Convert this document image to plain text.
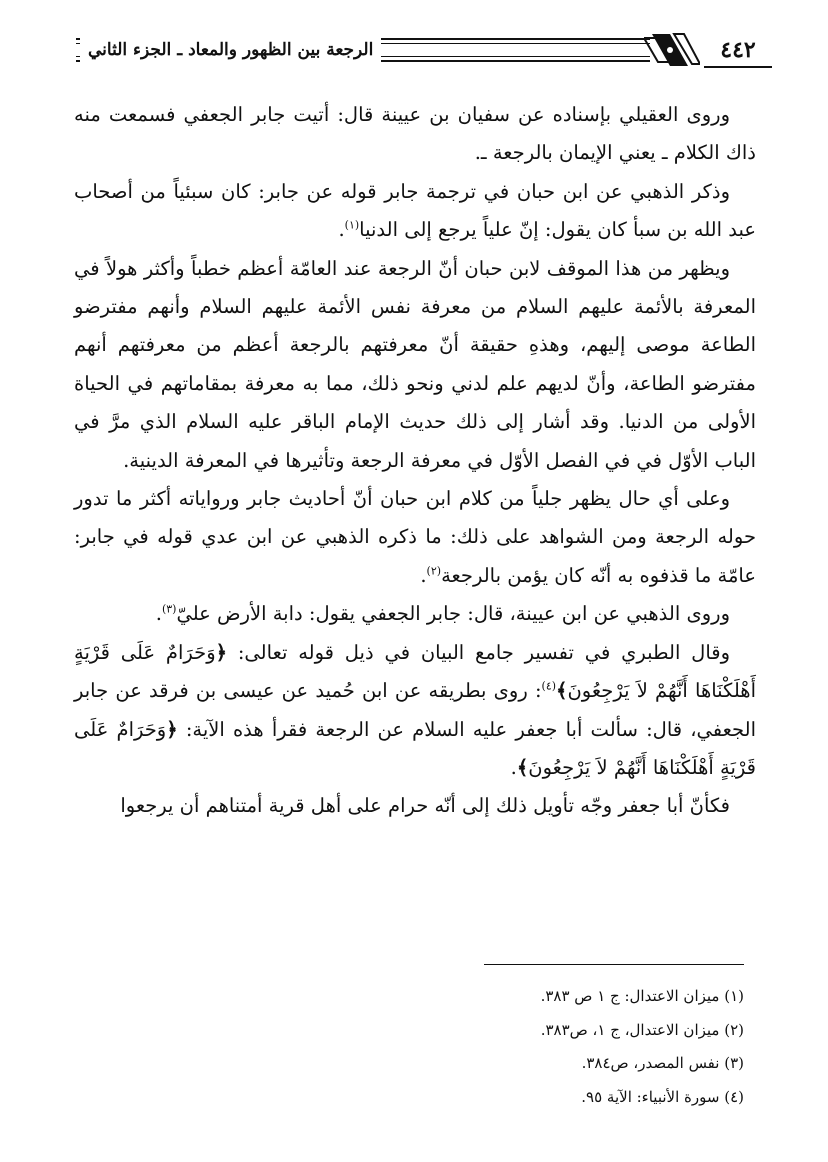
الرجعة بين الظهور والمعاد ـ الجزء الثاني	٤٤٢

وروى العقيلي بإسناده عن سفيان بن عيينة قال: أتيت جابر الجعفي فسمعت منه ذاك الكلام ـ يعني الإيمان بالرجعة ـ.

وذكر الذهبي عن ابن حبان في ترجمة جابر قوله عن جابر: كان سبئياً من أصحاب عبد الله بن سبأ كان يقول: إنّ علياً يرجع إلى الدنيا$^{(١)}$.

ويظهر من هذا الموقف لابن حبان أنّ الرجعة عند العامّة أعظم خطباً وأكثر هولاً في المعرفة بالأئمة عليهم السلام من معرفة نفس الأئمة عليهم السلام وأنهم مفترضو الطاعة موصى إليهم، وهذهِ حقيقة أنّ معرفتهم بالرجعة أعظم من معرفتهم أنهم مفترضو الطاعة، وأنّ لديهم علم لدني ونحو ذلك، مما به معرفة بمقاماتهم في الحياة الأولى من الدنيا. وقد أشار إلى ذلك حديث الإمام الباقر عليه السلام الذي مرَّ في الباب الأوّل في في الفصل الأوّل في معرفة الرجعة وتأثيرها في المعرفة الدينية.

وعلى أي حال يظهر جلياً من كلام ابن حبان أنّ أحاديث جابر ورواياته أكثر ما تدور حوله الرجعة ومن الشواهد على ذلك: ما ذكره الذهبي عن ابن عدي قوله في جابر: عامّة ما قذفوه به أنّه كان يؤمن بالرجعة$^{(٢)}$.

وروى الذهبي عن ابن عيينة، قال: جابر الجعفي يقول: دابة الأرض عليّ$^{(٣)}$.

وقال الطبري في تفسير جامع البيان في ذيل قوله تعالى: ﴿وَحَرَامٌ عَلَى قَرْيَةٍ أَهْلَكْنَاهَا أَنَّهُمْ لاَ يَرْجِعُونَ﴾$^{(٤)}$: روى بطريقه عن ابن حُميد عن عيسى بن فرقد عن جابر الجعفي، قال: سألت أبا جعفر عليه السلام عن الرجعة فقرأ هذه الآية: ﴿وَحَرَامٌ عَلَى قَرْيَةٍ أَهْلَكْنَاهَا أَنَّهُمْ لاَ يَرْجِعُونَ﴾.

فكأنّ أبا جعفر وجّه تأويل ذلك إلى أنّه حرام على أهل قرية أمتناهم أن يرجعوا

(١) ميزان الاعتدال: ج ١ ص ٣٨٣.
(٢) ميزان الاعتدال، ج ١، ص٣٨٣.
(٣) نفس المصدر، ص٣٨٤.
(٤) سورة الأنبياء: الآية ٩٥.
